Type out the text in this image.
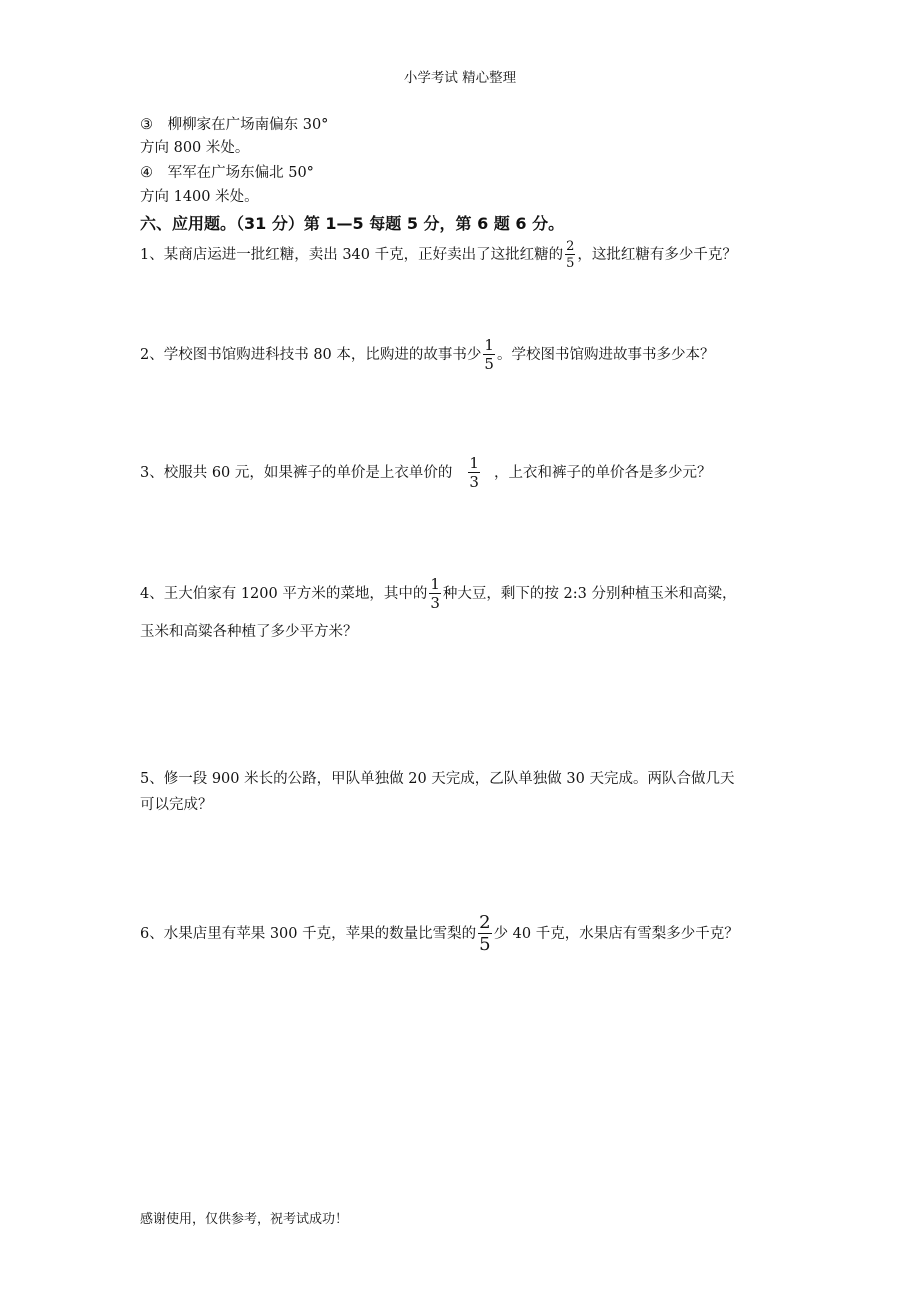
小学考试 精心整理
③ 柳柳家在广场南偏东 30°
方向 800 米处。
④ 军军在广场东偏北 50°
方向 1400 米处。
六、应用题。（31 分）第 1—5 每题 5 分，第 6 题 6 分。
1、某商店运进一批红糖，卖出 340 千克，正好卖出了这批红糖的 $\frac{2}{5}$ ，这批红糖有多少千克？
2、学校图书馆购进科技书 80 本，比购进的故事书少 $\frac{1}{5}$ 。学校图书馆购进故事书多少本？
3、校服共 60 元，如果裤子的单价是上衣单价的 $\frac{1}{3}$ ，上衣和裤子的单价各是多少元？
4、王大伯家有 1200 平方米的菜地，其中的 $\frac{1}{3}$ 种大豆，剩下的按 2:3 分别种植玉米和高粱，
玉米和高粱各种植了多少平方米？
5、修一段 900 米长的公路，甲队单独做 20 天完成，乙队单独做 30 天完成。两队合做几天
可以完成？
6、水果店里有苹果 300 千克，苹果的数量比雪梨的 $\frac{2}{5}$ 少 40 千克，水果店有雪梨多少千克？
感谢使用，仅供参考，祝考试成功！
